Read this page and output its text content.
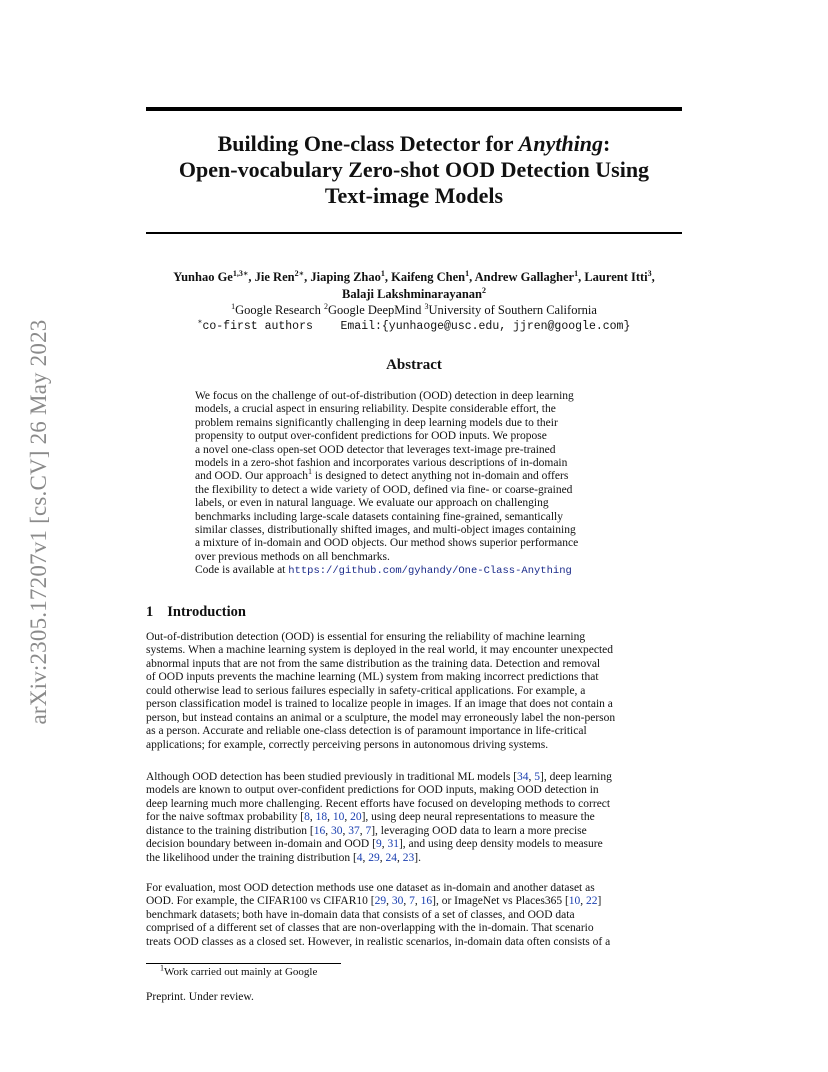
arXiv:2305.17207v1 [cs.CV] 26 May 2023
Building One-class Detector for Anything:
Open-vocabulary Zero-shot OOD Detection Using
Text-image Models
Yunhao $Ge^{1,3∗}$, Jie Ren$^{2∗}$, Jiaping Zhao$^1$, Kaifeng Chen$^1$, Andrew Gallagher$^1$, Laurent Itti$^3$,
Balaji Lakshminarayanan$^2$
$^1$Google Research $^2$Google DeepMind $^3$University of Southern California
∗co-first authors Email:{yunhaoge@usc.edu, jjren@google.com}
Abstract
We focus on the challenge of out-of-distribution (OOD) detection in deep learning
models, a crucial aspect in ensuring reliability. Despite considerable effort, the
problem remains significantly challenging in deep learning models due to their
propensity to output over-confident predictions for OOD inputs. We propose
a novel one-class open-set OOD detector that leverages text-image pre-trained
models in a zero-shot fashion and incorporates various descriptions of in-domain
and OOD. Our approach$^1$ is designed to detect anything not in-domain and offers
the flexibility to detect a wide variety of OOD, defined via fine- or coarse-grained
labels, or even in natural language. We evaluate our approach on challenging
benchmarks including large-scale datasets containing fine-grained, semantically
similar classes, distributionally shifted images, and multi-object images containing
a mixture of in-domain and OOD objects. Our method shows superior performance
over previous methods on all benchmarks.
Code is available at https://github.com/gyhandy/One-Class-Anything
1 Introduction
Out-of-distribution detection (OOD) is essential for ensuring the reliability of machine learning
systems. When a machine learning system is deployed in the real world, it may encounter unexpected
abnormal inputs that are not from the same distribution as the training data. Detection and removal
of OOD inputs prevents the machine learning (ML) system from making incorrect predictions that
could otherwise lead to serious failures especially in safety-critical applications. For example, a
person classification model is trained to localize people in images. If an image that does not contain a
person, but instead contains an animal or a sculpture, the model may erroneously label the non-person
as a person. Accurate and reliable one-class detection is of paramount importance in life-critical
applications; for example, correctly perceiving persons in autonomous driving systems.
Although OOD detection has been studied previously in traditional ML models [34, 5], deep learning
models are known to output over-confident predictions for OOD inputs, making OOD detection in
deep learning much more challenging. Recent efforts have focused on developing methods to correct
for the naive softmax probability [8, 18, 10, 20], using deep neural representations to measure the
distance to the training distribution [16, 30, 37, 7], leveraging OOD data to learn a more precise
decision boundary between in-domain and OOD [9, 31], and using deep density models to measure
the likelihood under the training distribution [4, 29, 24, 23].
For evaluation, most OOD detection methods use one dataset as in-domain and another dataset as
OOD. For example, the CIFAR100 vs CIFAR10 [29, 30, 7, 16], or ImageNet vs Places365 [10, 22]
benchmark datasets; both have in-domain data that consists of a set of classes, and OOD data
comprised of a different set of classes that are non-overlapping with the in-domain. That scenario
treats OOD classes as a closed set. However, in realistic scenarios, in-domain data often consists of a
$^1$Work carried out mainly at Google
Preprint. Under review.
